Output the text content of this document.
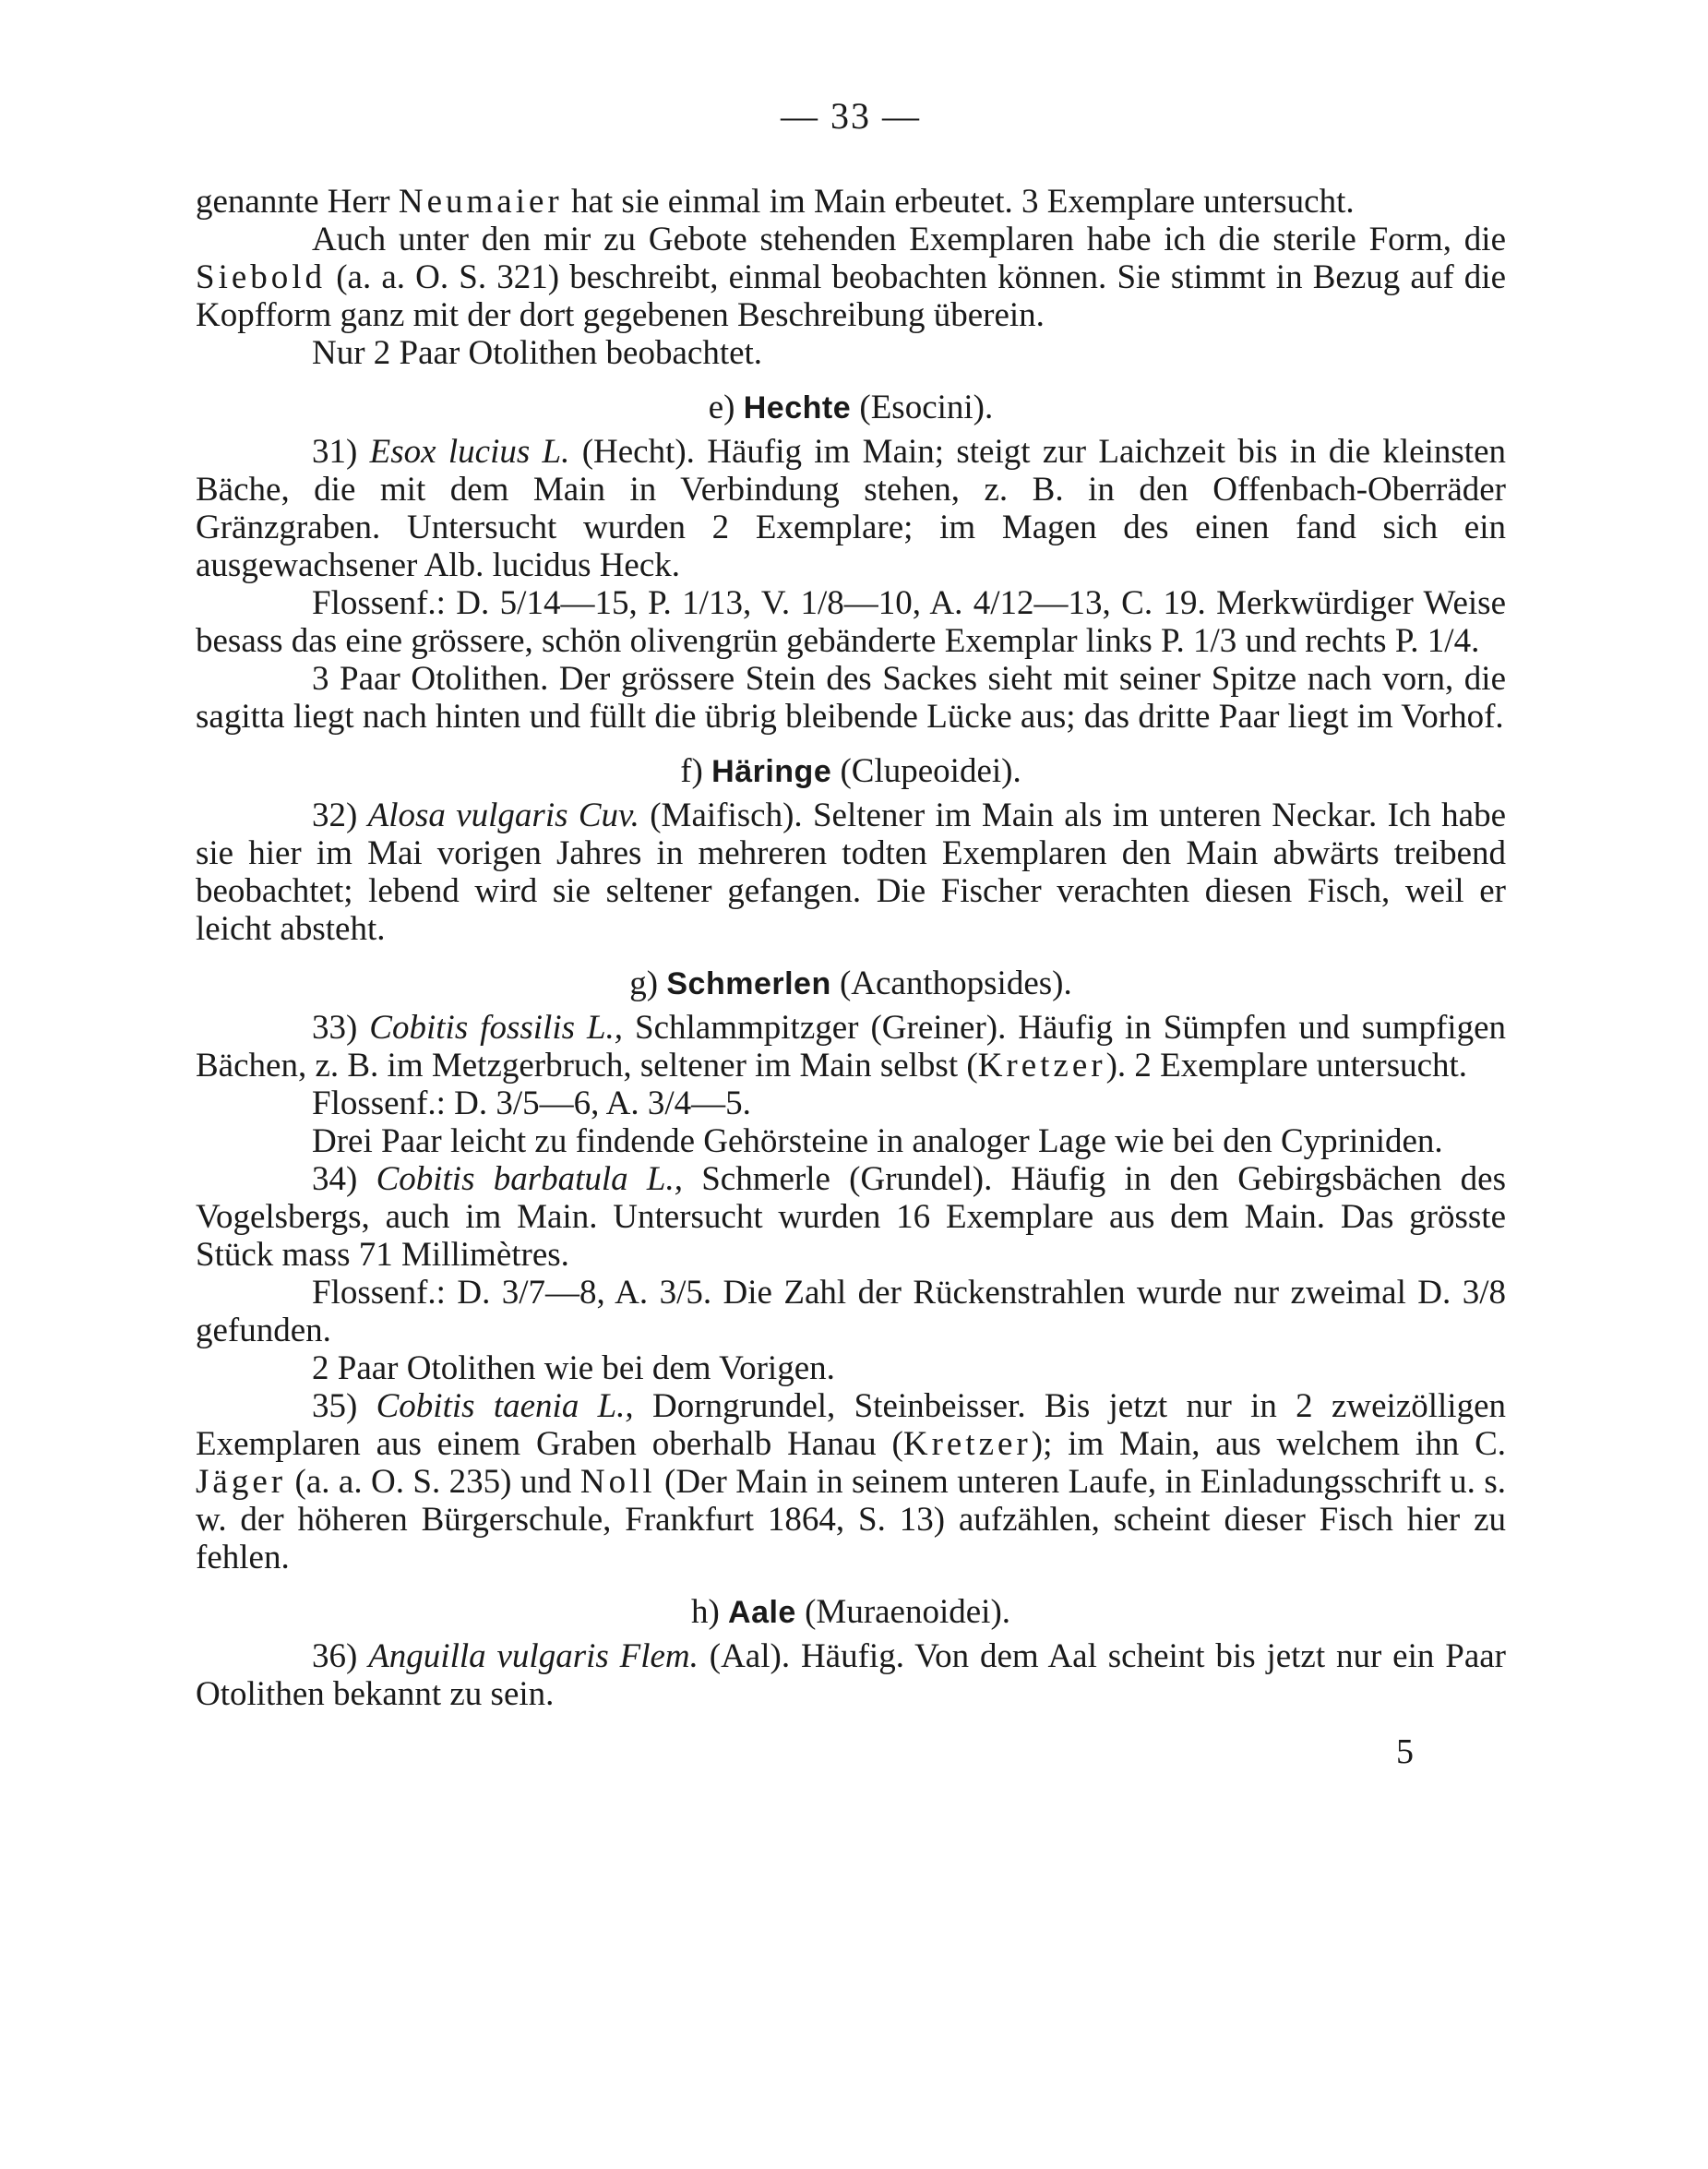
— 33 —

genannte Herr Neumaier hat sie einmal im Main erbeutet. 3 Exemplare untersucht.

Auch unter den mir zu Gebote stehenden Exemplaren habe ich die sterile Form, die Siebold (a. a. O. S. 321) beschreibt, einmal beobachten können. Sie stimmt in Bezug auf die Kopfform ganz mit der dort gegebenen Beschreibung überein.

Nur 2 Paar Otolithen beobachtet.

e) Hechte (Esocini).

31) Esox lucius L. (Hecht). Häufig im Main; steigt zur Laichzeit bis in die kleinsten Bäche, die mit dem Main in Verbindung stehen, z. B. in den Offenbach-Oberräder Gränzgraben. Untersucht wurden 2 Exemplare; im Magen des einen fand sich ein ausgewachsener Alb. lucidus Heck.

Flossenf.: D. 5/14—15, P. 1/13, V. 1/8—10, A. 4/12—13, C. 19. Merkwürdiger Weise besass das eine grössere, schön olivengrün gebänderte Exemplar links P. 1/3 und rechts P. 1/4.

3 Paar Otolithen. Der grössere Stein des Sackes sieht mit seiner Spitze nach vorn, die sagitta liegt nach hinten und füllt die übrig bleibende Lücke aus; das dritte Paar liegt im Vorhof.

f) Häringe (Clupeoidei).

32) Alosa vulgaris Cuv. (Maifisch). Seltener im Main als im unteren Neckar. Ich habe sie hier im Mai vorigen Jahres in mehreren todten Exemplaren den Main abwärts treibend beobachtet; lebend wird sie seltener gefangen. Die Fischer verachten diesen Fisch, weil er leicht absteht.

g) Schmerlen (Acanthopsides).

33) Cobitis fossilis L., Schlammpitzger (Greiner). Häufig in Sümpfen und sumpfigen Bächen, z. B. im Metzgerbruch, seltener im Main selbst (Kretzer). 2 Exemplare untersucht.

Flossenf.: D. 3/5—6, A. 3/4—5.

Drei Paar leicht zu findende Gehörsteine in analoger Lage wie bei den Cypriniden.

34) Cobitis barbatula L., Schmerle (Grundel). Häufig in den Gebirgsbächen des Vogelsbergs, auch im Main. Untersucht wurden 16 Exemplare aus dem Main. Das grösste Stück mass 71 Millimètres.

Flossenf.: D. 3/7—8, A. 3/5. Die Zahl der Rückenstrahlen wurde nur zweimal D. 3/8 gefunden.

2 Paar Otolithen wie bei dem Vorigen.

35) Cobitis taenia L., Dorngrundel, Steinbeisser. Bis jetzt nur in 2 zweizölligen Exemplaren aus einem Graben oberhalb Hanau (Kretzer); im Main, aus welchem ihn C. Jäger (a. a. O. S. 235) und Noll (Der Main in seinem unteren Laufe, in Einladungsschrift u. s. w. der höheren Bürgerschule, Frankfurt 1864, S. 13) aufzählen, scheint dieser Fisch hier zu fehlen.

h) Aale (Muraenoidei).

36) Anguilla vulgaris Flem. (Aal). Häufig. Von dem Aal scheint bis jetzt nur ein Paar Otolithen bekannt zu sein.

5
